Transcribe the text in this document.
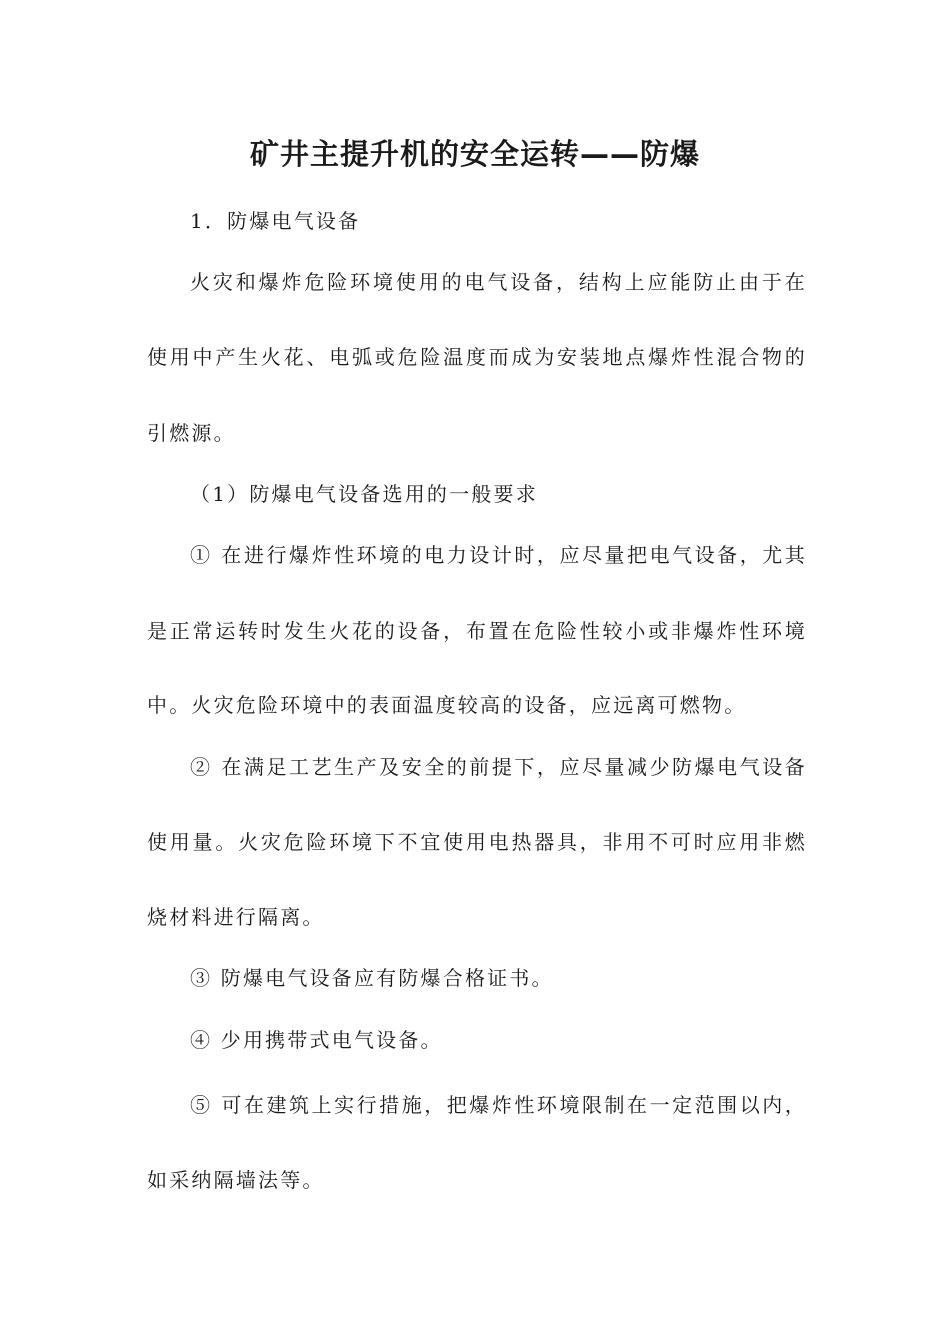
矿井主提升机的安全运转——防爆
1．防爆电气设备
火灾和爆炸危险环境使用的电气设备，结构上应能防止由于在
使用中产生火花、电弧或危险温度而成为安装地点爆炸性混合物的
引燃源。
（1）防爆电气设备选用的一般要求
① 在进行爆炸性环境的电力设计时，应尽量把电气设备，尤其
是正常运转时发生火花的设备，布置在危险性较小或非爆炸性环境
中。火灾危险环境中的表面温度较高的设备，应远离可燃物。
② 在满足工艺生产及安全的前提下，应尽量减少防爆电气设备
使用量。火灾危险环境下不宜使用电热器具，非用不可时应用非燃
烧材料进行隔离。
③ 防爆电气设备应有防爆合格证书。
④ 少用携带式电气设备。
⑤ 可在建筑上实行措施，把爆炸性环境限制在一定范围以内，
如采纳隔墙法等。
